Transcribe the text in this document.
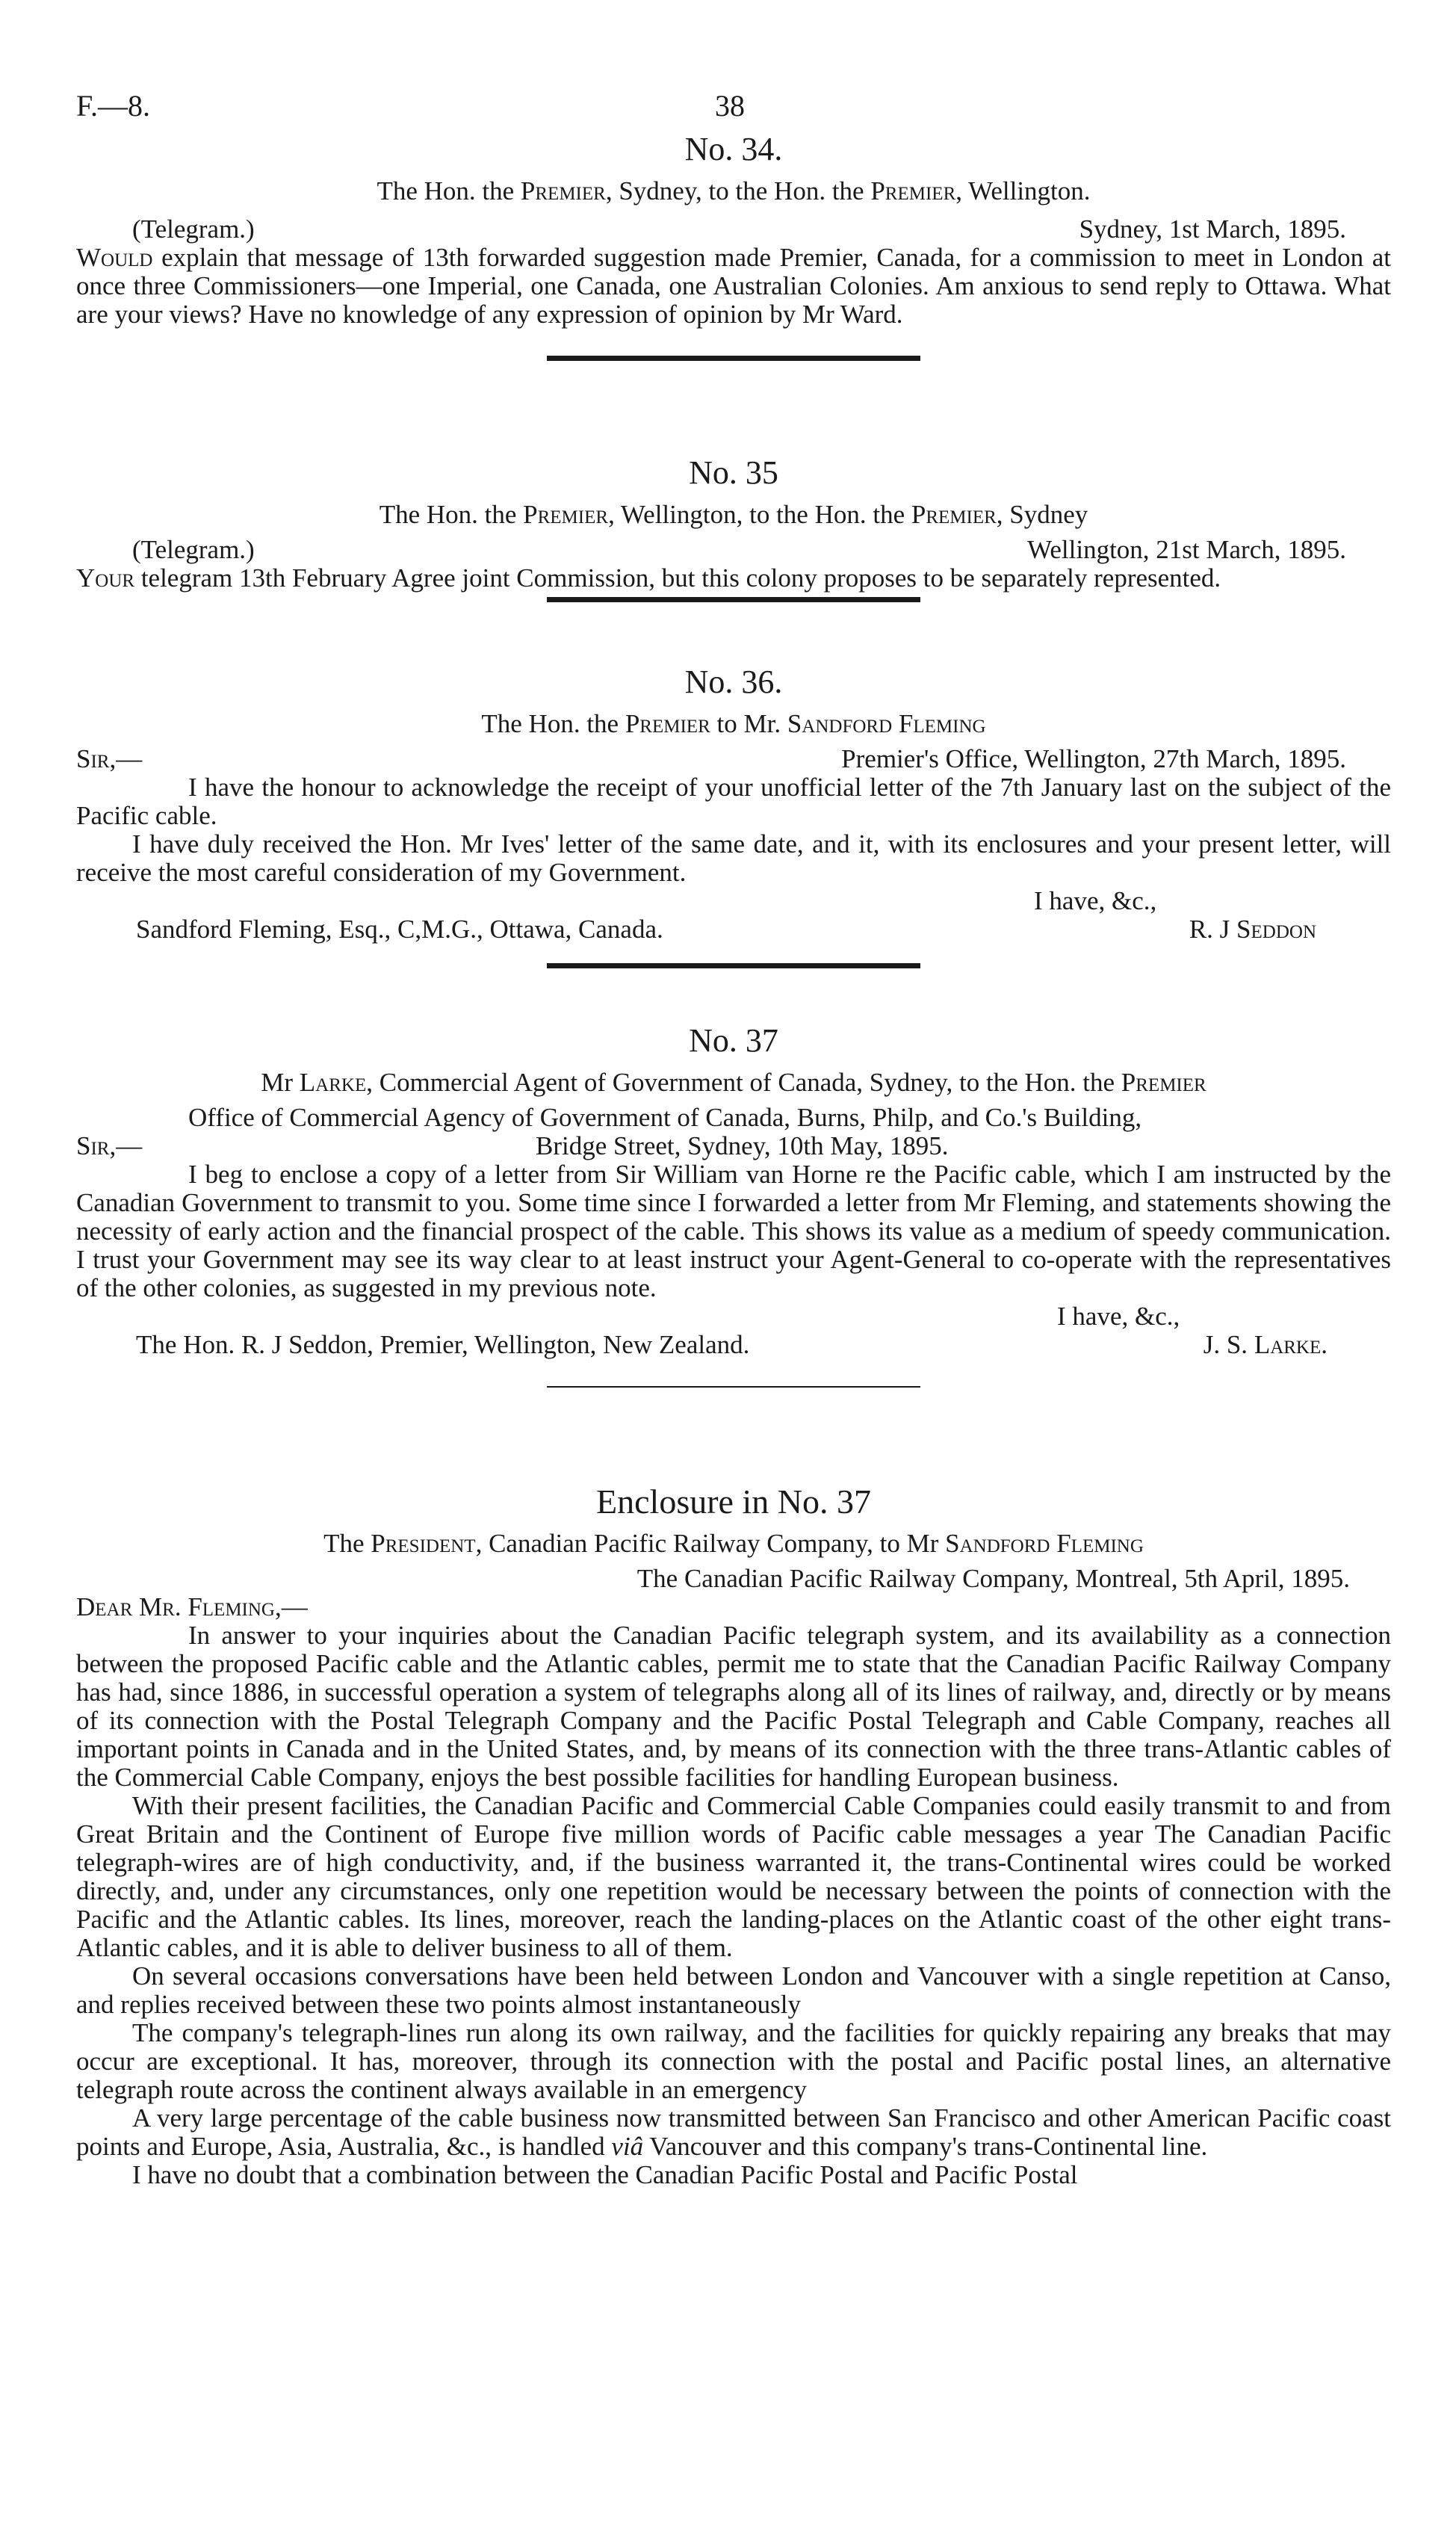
F.—8.	38
No. 34.
The Hon. the Premier, Sydney, to the Hon. the Premier, Wellington.
(Telegram.)	Sydney, 1st March, 1895.

Would explain that message of 13th forwarded suggestion made Premier, Canada, for a commission to meet in London at once three Commissioners—one Imperial, one Canada, one Australian Colonies. Am anxious to send reply to Ottawa. What are your views? Have no knowledge of any expression of opinion by Mr Ward.

No. 35
The Hon. the Premier, Wellington, to the Hon. the Premier, Sydney
(Telegram.)	Wellington, 21st March, 1895.

Your telegram 13th February Agree joint Commission, but this colony proposes to be separately represented.

No. 36.
The Hon. the Premier to Mr. Sandford Fleming
Sir,—	Premier's Office, Wellington, 27th March, 1895.

I have the honour to acknowledge the receipt of your unofficial letter of the 7th January last on the subject of the Pacific cable.

I have duly received the Hon. Mr Ives' letter of the same date, and it, with its enclosures and your present letter, will receive the most careful consideration of my Government.

I have, &c.,
Sandford Fleming, Esq., C,M.G., Ottawa, Canada.	R. J Seddon
No. 37
Mr Larke, Commercial Agent of Government of Canada, Sydney, to the Hon. the Premier
Office of Commercial Agency of Government of Canada, Burns, Philp, and Co.'s Building,
Sir,—	Bridge Street, Sydney, 10th May, 1895.

I beg to enclose a copy of a letter from Sir William van Horne re the Pacific cable, which I am instructed by the Canadian Government to transmit to you. Some time since I forwarded a letter from Mr Fleming, and statements showing the necessity of early action and the financial prospect of the cable. This shows its value as a medium of speedy communication. I trust your Government may see its way clear to at least instruct your Agent-General to co-operate with the representatives of the other colonies, as suggested in my previous note.

I have, &c.,
The Hon. R. J Seddon, Premier, Wellington, New Zealand.	J. S. Larke.
Enclosure in No. 37
The President, Canadian Pacific Railway Company, to Mr Sandford Fleming
The Canadian Pacific Railway Company, Montreal, 5th April, 1895.
Dear Mr. Fleming,—

In answer to your inquiries about the Canadian Pacific telegraph system, and its availability as a connection between the proposed Pacific cable and the Atlantic cables, permit me to state that the Canadian Pacific Railway Company has had, since 1886, in successful operation a system of telegraphs along all of its lines of railway, and, directly or by means of its connection with the Postal Telegraph Company and the Pacific Postal Telegraph and Cable Company, reaches all important points in Canada and in the United States, and, by means of its connection with the three trans-Atlantic cables of the Commercial Cable Company, enjoys the best possible facilities for handling European business.

With their present facilities, the Canadian Pacific and Commercial Cable Companies could easily transmit to and from Great Britain and the Continent of Europe five million words of Pacific cable messages a year The Canadian Pacific telegraph-wires are of high conductivity, and, if the business warranted it, the trans-Continental wires could be worked directly, and, under any circumstances, only one repetition would be necessary between the points of connection with the Pacific and the Atlantic cables. Its lines, moreover, reach the landing-places on the Atlantic coast of the other eight trans-Atlantic cables, and it is able to deliver business to all of them.

On several occasions conversations have been held between London and Vancouver with a single repetition at Canso, and replies received between these two points almost instantaneously

The company's telegraph-lines run along its own railway, and the facilities for quickly repairing any breaks that may occur are exceptional. It has, moreover, through its connection with the postal and Pacific postal lines, an alternative telegraph route across the continent always available in an emergency

A very large percentage of the cable business now transmitted between San Francisco and other American Pacific coast points and Europe, Asia, Australia, &c., is handled viâ Vancouver and this company's trans-Continental line.

I have no doubt that a combination between the Canadian Pacific Postal and Pacific Postal
